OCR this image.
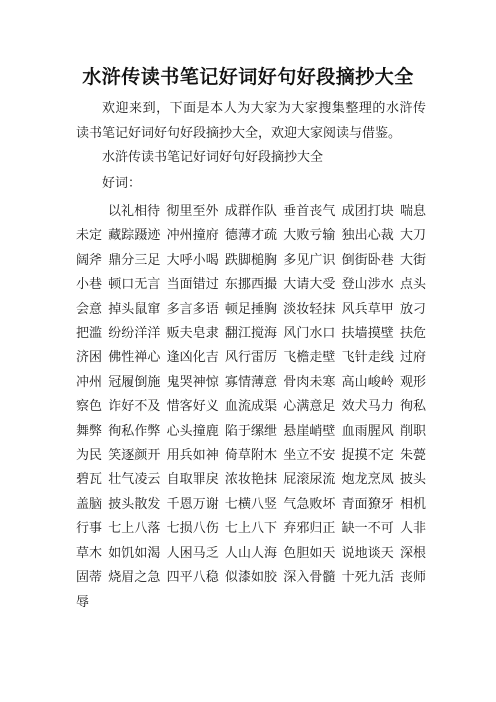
水浒传读书笔记好词好句好段摘抄大全

欢迎来到，下面是本人为大家为大家搜集整理的水浒传读书笔记好词好句好段摘抄大全，欢迎大家阅读与借鉴。

水浒传读书笔记好词好句好段摘抄大全

好词：

以礼相待 彻里至外 成群作队 垂首丧气 成团打块 喘息未定 藏踪蹑迹 冲州撞府 德薄才疏 大败亏输 独出心裁 大刀阔斧 鼎分三足 大呼小喝 跌脚槌胸 多见广识 倒街卧巷 大街小巷 顿口无言 当面错过 东挪西撮 大请大受 登山涉水 点头会意 掉头鼠窜 多言多语 顿足捶胸 淡妆轻抹 风兵草甲 放刁把滥 纷纷洋洋 贩夫皂隶 翻江搅海 风门水口 扶墙摸壁 扶危济困 佛性禅心 逢凶化吉 风行雷厉 飞檐走壁 飞针走线 过府冲州 冠履倒施 鬼哭神惊 寡情薄意 骨肉未寒 高山峻岭 观形察色 诈好不及 惜客好义 血流成渠 心满意足 效犬马力 徇私舞弊 徇私作弊 心头撞鹿 陷于缧绁 悬崖峭壁 血雨腥风 削职为民 笑逐颜开 用兵如神 倚草附木 坐立不安 捉摸不定 朱甍碧瓦 壮气凌云 自取罪戾 浓妆艳抹 屁滚尿流 炮龙烹凤 披头盖脑 披头散发 千恩万谢 七横八竖 气急败坏 青面獠牙 相机行事 七上八落 七损八伤 七上八下 弃邪归正 缺一不可 人非草木 如饥如渴 人困马乏 人山人海 色胆如天 说地谈天 深根固蒂 烧眉之急 四平八稳 似漆如胶 深入骨髓 十死九活 丧师辱
